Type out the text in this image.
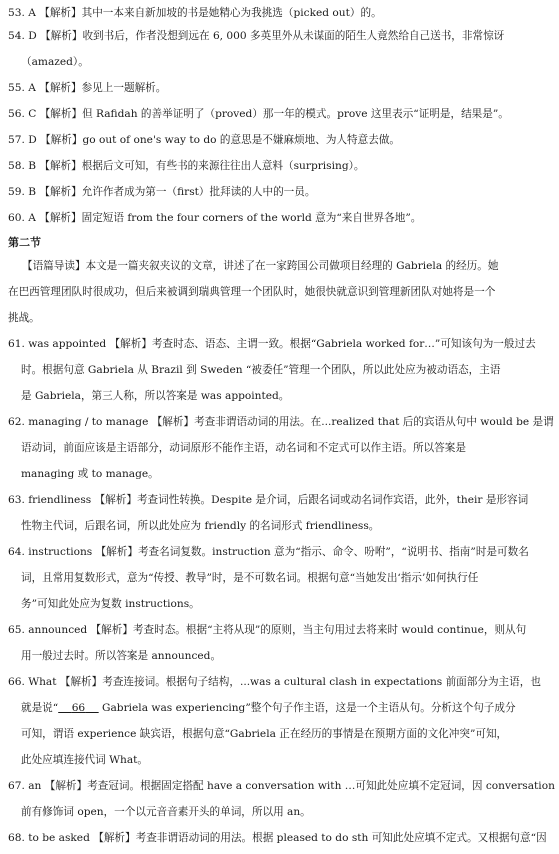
53. A 【解析】其中一本来自新加坡的书是她精心为我挑选（picked out）的。
54. D 【解析】收到书后，作者没想到远在 6, 000 多英里外从未谋面的陌生人竟然给自己送书，非常惊讶
（amazed）。
55. A 【解析】参见上一题解析。
56. C 【解析】但 Rafidah 的善举证明了（proved）那一年的模式。prove 这里表示“证明是，结果是”。
57. D 【解析】go out of one's way to do 的意思是不嫌麻烦地、为人特意去做。
58. B 【解析】根据后文可知，有些书的来源往往出人意料（surprising）。
59. B 【解析】允许作者成为第一（first）批拜读的人中的一员。
60. A 【解析】固定短语 from the four corners of the world 意为“来自世界各地”。
第二节
【语篇导读】本文是一篇夹叙夹议的文章，讲述了在一家跨国公司做项目经理的 Gabriela 的经历。她
在巴西管理团队时很成功，但后来被调到瑞典管理一个团队时，她很快就意识到管理新团队对她将是一个
挑战。
61. was appointed 【解析】考查时态、语态、主谓一致。根据“Gabriela worked for…”可知该句为一般过去
时。根据句意 Gabriela 从 Brazil 到 Sweden “被委任”管理一个团队，所以此处应为被动语态，主语
是 Gabriela，第三人称，所以答案是 was appointed。
62. managing / to manage 【解析】考查非谓语动词的用法。在...realized that 后的宾语从句中 would be 是谓
语动词，前面应该是主语部分，动词原形不能作主语，动名词和不定式可以作主语。所以答案是
managing 或 to manage。
63. friendliness 【解析】考查词性转换。Despite 是介词，后跟名词或动名词作宾语，此外，their 是形容词
性物主代词，后跟名词，所以此处应为 friendly 的名词形式 friendliness。
64. instructions 【解析】考查名词复数。instruction 意为“指示、命令、吩咐”，“说明书、指南”时是可数名
词，且常用复数形式，意为“传授、教导”时，是不可数名词。根据句意“当她发出‘指示’如何执行任
务”可知此处应为复数 instructions。
65. announced 【解析】考查时态。根据“主将从现”的原则，当主句用过去将来时 would continue，则从句
用一般过去时。所以答案是 announced。
66. What 【解析】考查连接词。根据句子结构，...was a cultural clash in expectations 前面部分为主语，也
就是说“ 66     Gabriela was experiencing”整个句子作主语，这是一个主语从句。分析这个句子成分
可知，谓语 experience 缺宾语，根据句意“Gabriela 正在经历的事情是在预期方面的文化冲突”可知，
此处应填连接代词 What。
67. an 【解析】考查冠词。根据固定搭配 have a conversation with …可知此处应填不定冠词，因 conversation
前有修饰词 open，一个以元音音素开头的单词，所以用 an。
68. to be asked 【解析】考查非谓语动词的用法。根据 pleased to do sth 可知此处应填不定式。又根据句意“因
